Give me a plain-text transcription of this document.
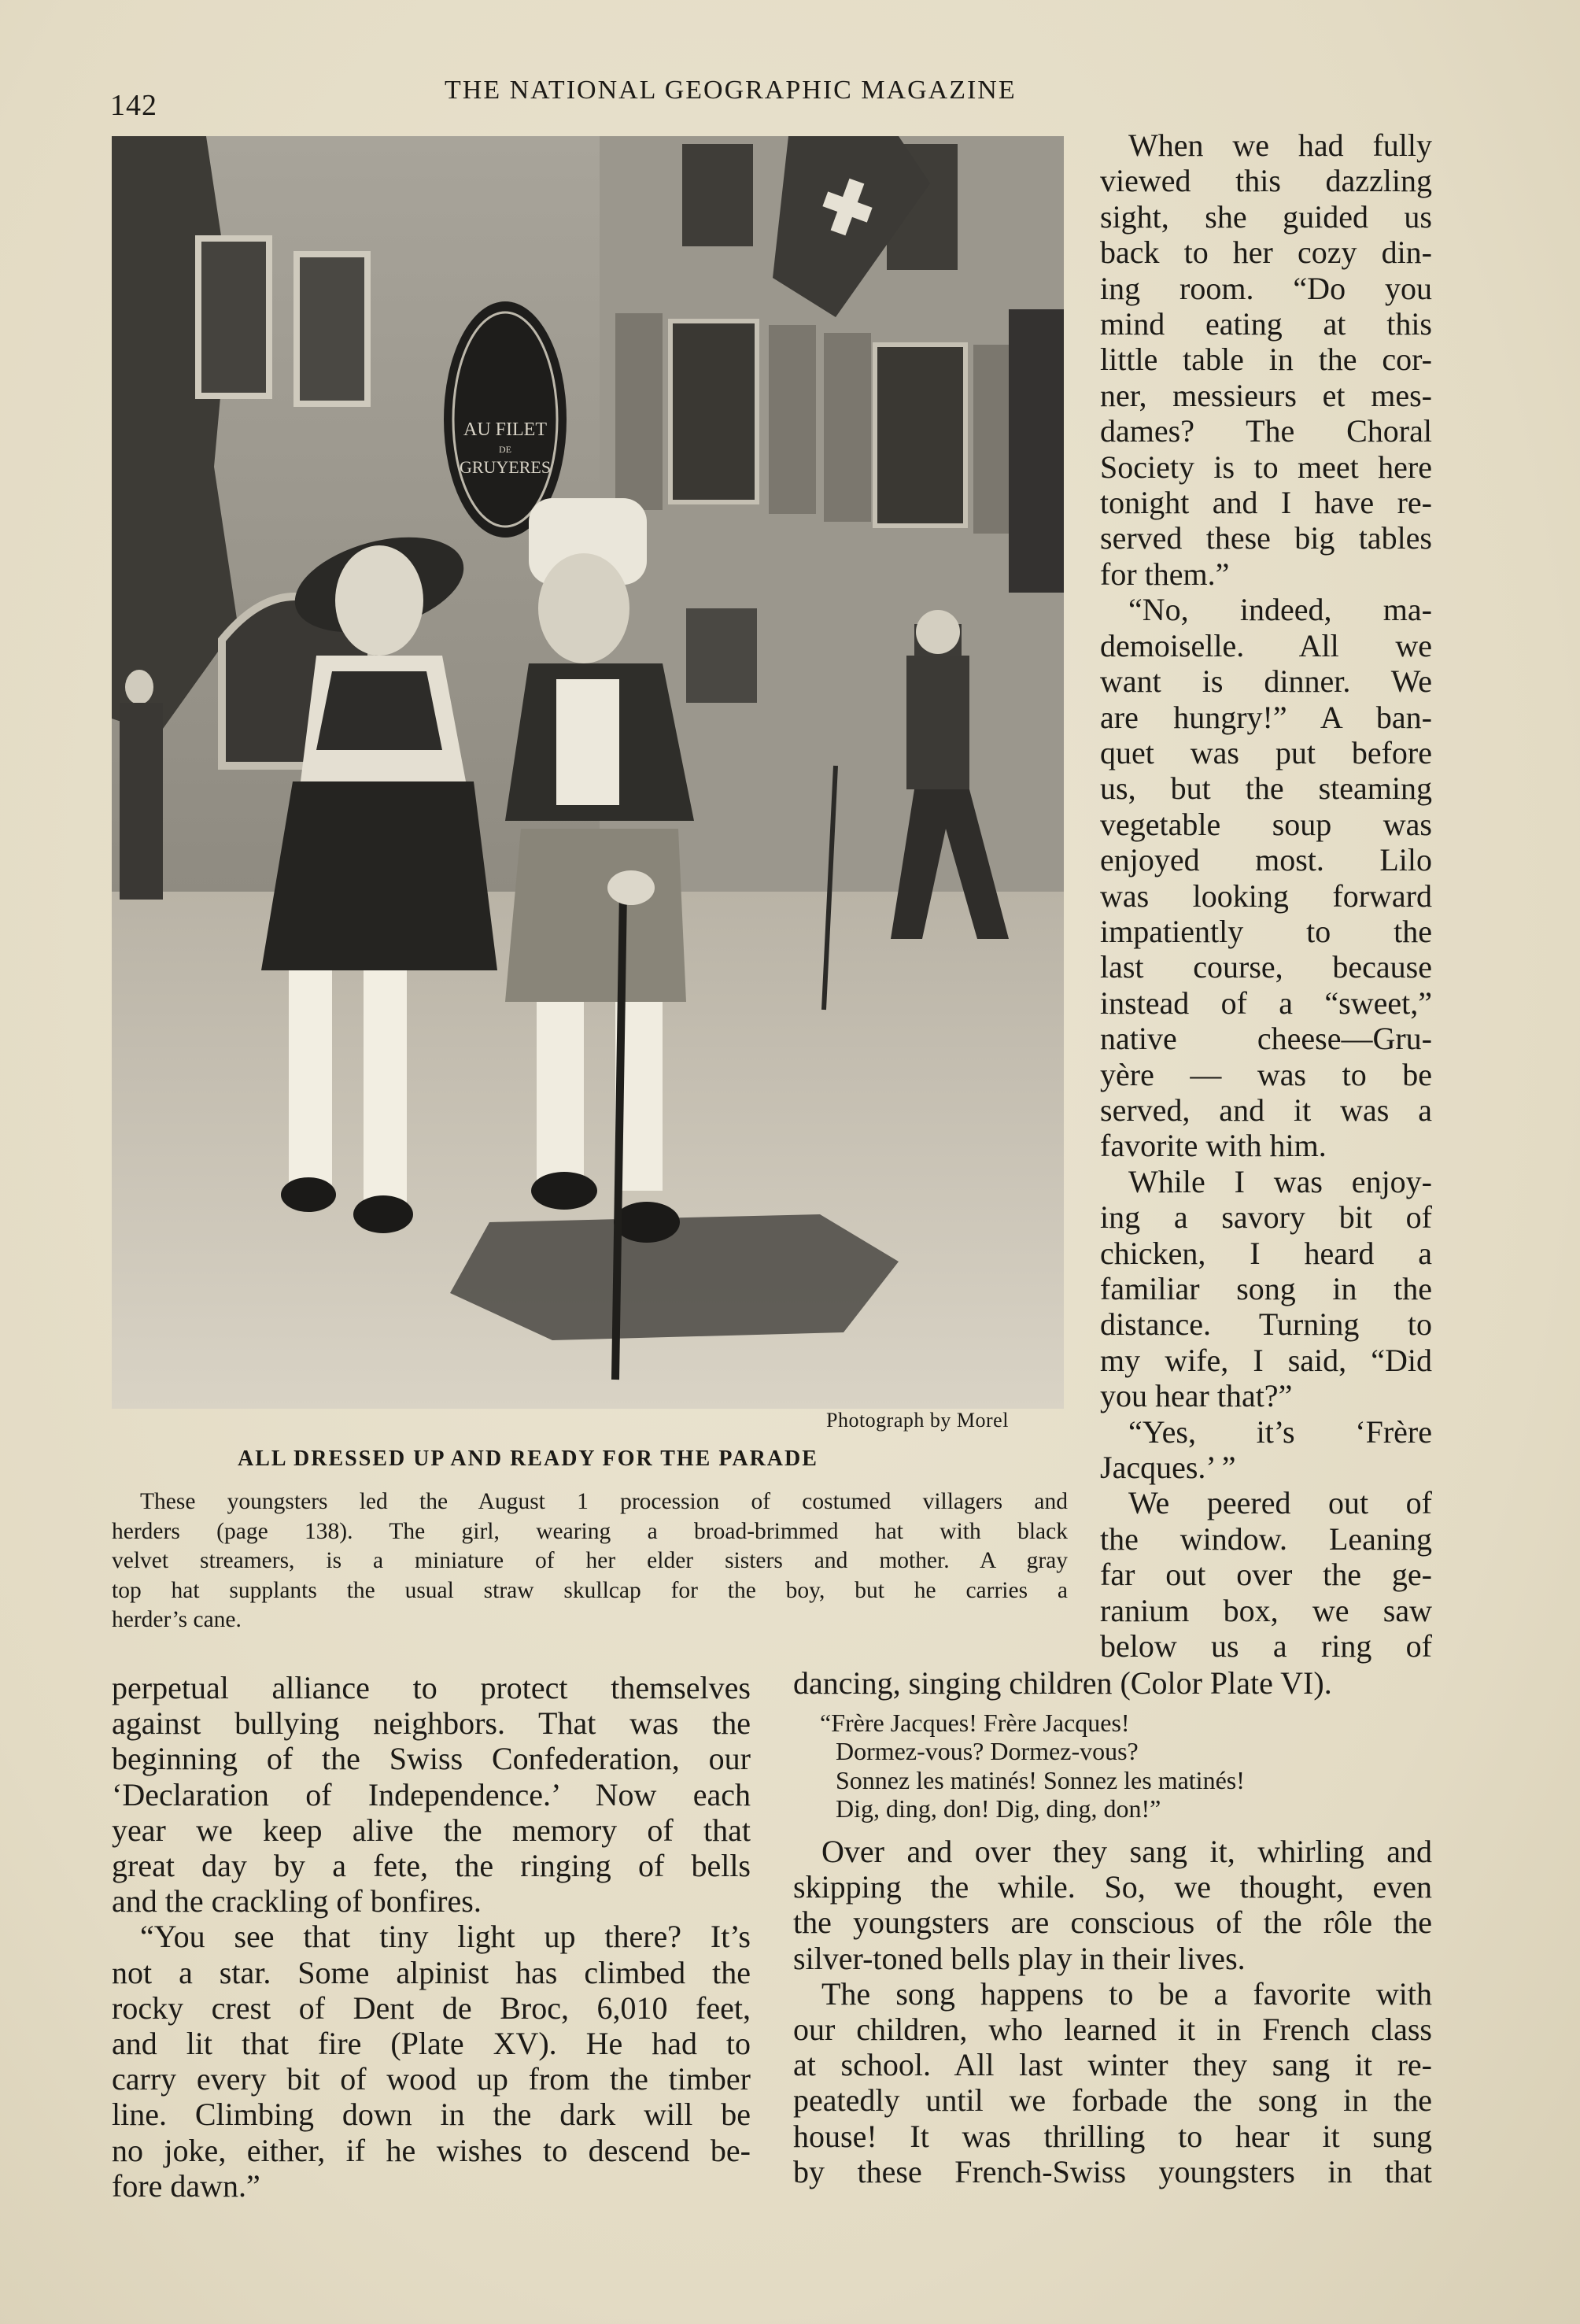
142	THE NATIONAL GEOGRAPHIC MAGAZINE
AU FILET
DE
GRUYERES
Photograph by Morel
ALL DRESSED UP AND READY FOR THE PARADE
These youngsters led the August 1 procession of costumed villagers and
herders (page 138). The girl, wearing a broad-brimmed hat with black
velvet streamers, is a miniature of her elder sisters and mother. A gray
top hat supplants the usual straw skullcap for the boy, but he carries a
herder’s cane.
When we had fully
viewed this dazzling
sight, she guided us
back to her cozy din-
ing room. “Do you
mind eating at this
little table in the cor-
ner, messieurs et mes-
dames? The Choral
Society is to meet here
tonight and I have re-
served these big tables
for them.”
“No, indeed, ma-
demoiselle. All we
want is dinner. We
are hungry!” A ban-
quet was put before
us, but the steaming
vegetable soup was
enjoyed most. Lilo
was looking forward
impatiently to the
last course, because
instead of a “sweet,”
native cheese—Gru-
yère — was to be
served, and it was a
favorite with him.
While I was enjoy-
ing a savory bit of
chicken, I heard a
familiar song in the
distance. Turning to
my wife, I said, “Did
you hear that?”
“Yes, it’s ‘Frère
Jacques.’ ”
We peered out of
the window. Leaning
far out over the ge-
ranium box, we saw
below us a ring of
perpetual alliance to protect themselves
against bullying neighbors. That was the
beginning of the Swiss Confederation, our
‘Declaration of Independence.’ Now each
year we keep alive the memory of that
great day by a fete, the ringing of bells
and the crackling of bonfires.
“You see that tiny light up there? It’s
not a star. Some alpinist has climbed the
rocky crest of Dent de Broc, 6,010 feet,
and lit that fire (Plate XV). He had to
carry every bit of wood up from the timber
line. Climbing down in the dark will be
no joke, either, if he wishes to descend be-
fore dawn.”
dancing, singing children (Color Plate VI).
“Frère Jacques! Frère Jacques!
Dormez-vous? Dormez-vous?
Sonnez les matinés! Sonnez les matinés!
Dig, ding, don! Dig, ding, don!”
Over and over they sang it, whirling and
skipping the while. So, we thought, even
the youngsters are conscious of the rôle the
silver-toned bells play in their lives.
The song happens to be a favorite with
our children, who learned it in French class
at school. All last winter they sang it re-
peatedly until we forbade the song in the
house! It was thrilling to hear it sung
by these French-Swiss youngsters in that
